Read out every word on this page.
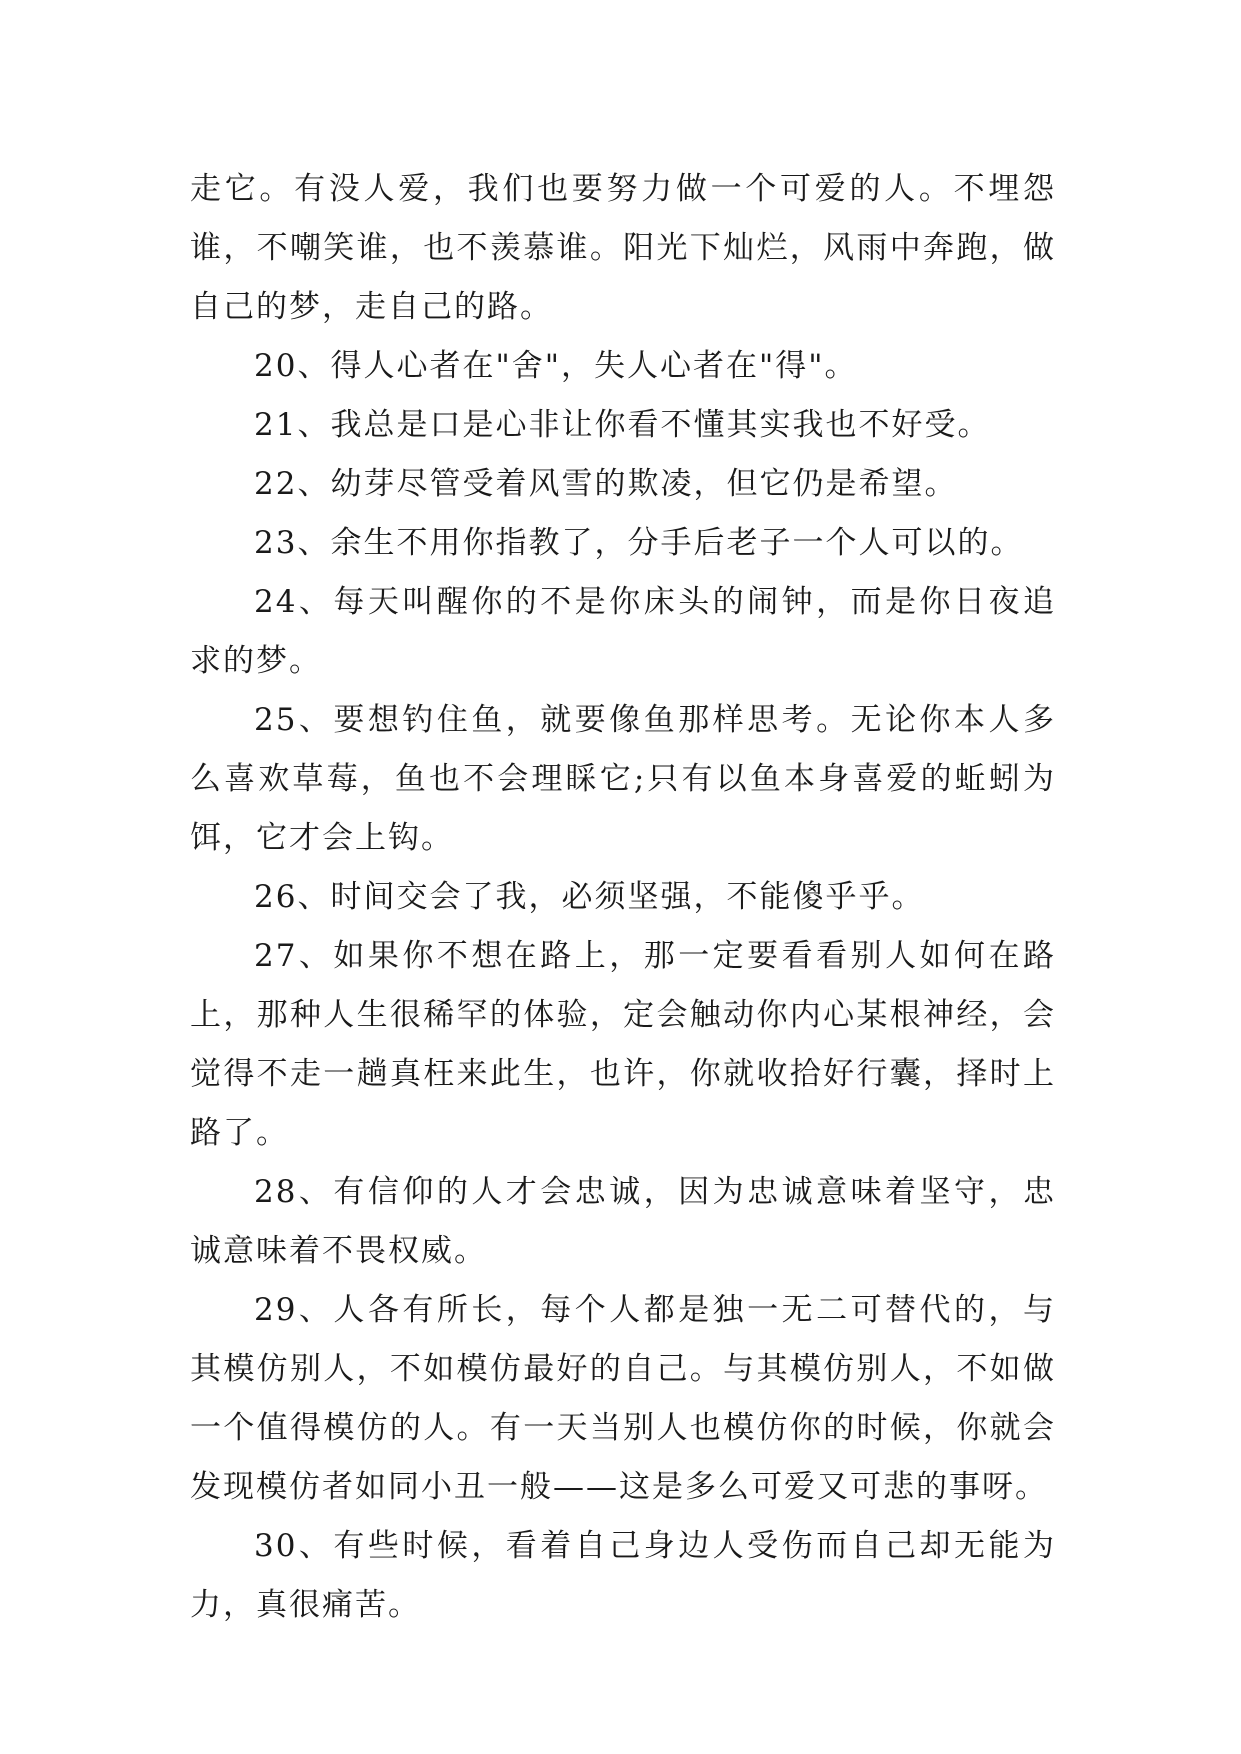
走它。有没人爱，我们也要努力做一个可爱的人。不埋怨谁，不嘲笑谁，也不羡慕谁。阳光下灿烂，风雨中奔跑，做自己的梦，走自己的路。

20、得人心者在"舍"，失人心者在"得"。

21、我总是口是心非让你看不懂其实我也不好受。

22、幼芽尽管受着风雪的欺凌，但它仍是希望。

23、余生不用你指教了，分手后老子一个人可以的。

24、每天叫醒你的不是你床头的闹钟，而是你日夜追求的梦。

25、要想钓住鱼，就要像鱼那样思考。无论你本人多么喜欢草莓，鱼也不会理睬它;只有以鱼本身喜爱的蚯蚓为饵，它才会上钩。

26、时间交会了我，必须坚强，不能傻乎乎。

27、如果你不想在路上，那一定要看看别人如何在路上，那种人生很稀罕的体验，定会触动你内心某根神经，会觉得不走一趟真枉来此生，也许，你就收拾好行囊，择时上路了。

28、有信仰的人才会忠诚，因为忠诚意味着坚守，忠诚意味着不畏权威。

29、人各有所长，每个人都是独一无二可替代的，与其模仿别人，不如模仿最好的自己。与其模仿别人，不如做一个值得模仿的人。有一天当别人也模仿你的时候，你就会发现模仿者如同小丑一般——这是多么可爱又可悲的事呀。

30、有些时候，看着自己身边人受伤而自己却无能为力，真很痛苦。
